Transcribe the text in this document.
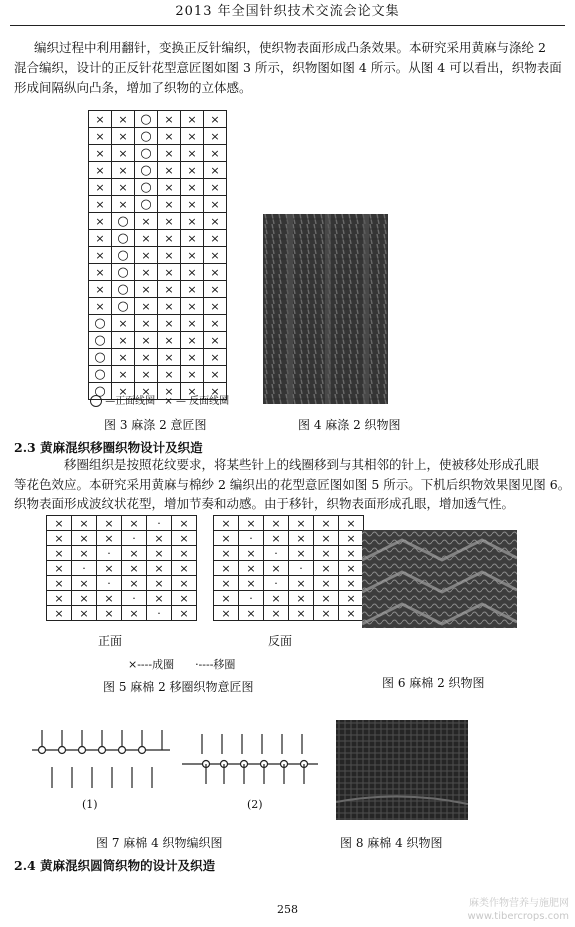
2013 年全国针织技术交流会论文集
编织过程中利用翻针，变换正反针编织，使织物表面形成凸条效果。本研究采用黄麻与涤纶 2
混合编织，设计的正反针花型意匠图如图 3 所示，织物图如图 4 所示。从图 4 可以看出，织物表面
形成间隔纵向凸条，增加了织物的立体感。
×	×	○	×	×	×
×	×	○	×	×	×
×	×	○	×	×	×
×	×	○	×	×	×
×	×	○	×	×	×
×	×	○	×	×	×
×	○	×	×	×	×
×	○	×	×	×	×
×	○	×	×	×	×
×	○	×	×	×	×
×	○	×	×	×	×
×	○	×	×	×	×
○	×	×	×	×	×
○	×	×	×	×	×
○	×	×	×	×	×
○	×	×	×	×	×
○	×	×	×	×	×
—正面线圈 × — 反面线圈
图 3 麻涤 2 意匠图	图 4 麻涤 2 织物图
2.3 黄麻混织移圈织物设计及织造
移圈组织是按照花纹要求，将某些针上的线圈移到与其相邻的针上，使被移处形成孔眼
等花色效应。本研究采用黄麻与棉纱 2 编织出的花型意匠图如图 5 所示。下机后织物效果图见图 6。
织物表面形成波纹状花型，增加节奏和动感。由于移针，织物表面形成孔眼，增加透气性。
×	×	×	×	·	×
×	×	×	·	×	×
×	×	·	×	×	×
×	·	×	×	×	×
×	×	·	×	×	×
×	×	×	·	×	×
×	×	×	×	·	×
×	×	×	×	×	×
×	·	×	×	×	×
×	×	·	×	×	×
×	×	×	·	×	×
×	×	·	×	×	×
×	·	×	×	×	×
×	×	×	×	×	×
正面	反面
×----成圈      ·----移圈
图 5 麻棉 2 移圈织物意匠图	图 6 麻棉 2 织物图
(1)	(2)
图 7 麻棉 4 织物编织图	图 8 麻棉 4 织物图
2.4 黄麻混织圆筒织物的设计及织造
258	麻类作物营养与施肥网
www.tibercrops.com
